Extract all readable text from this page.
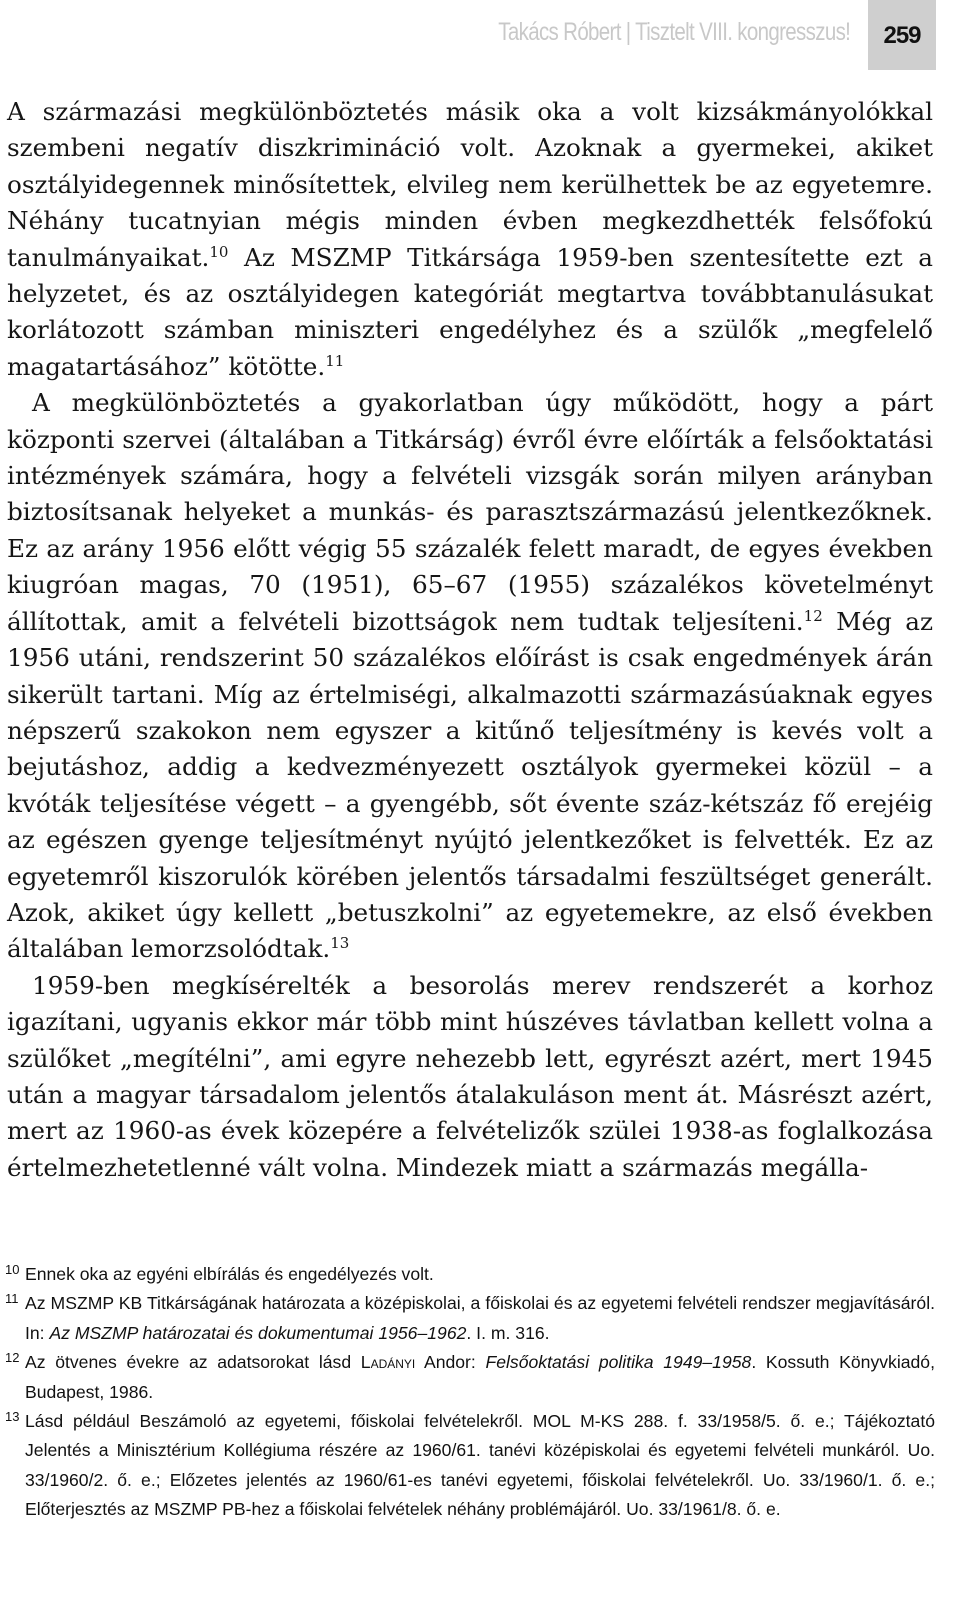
Takács Róbert | Tisztelt VIII. kongresszus!	259

A származási megkülönböztetés másik oka a volt kizsákmányolókkal szembeni negatív diszkrimináció volt. Azoknak a gyermekei, akiket osztályidegennek minősítettek, elvileg nem kerülhettek be az egyetemre. Néhány tucatnyian mégis minden évben megkezdhették felsőfokú tanulmányaikat.$^{10}$ Az MSZMP Titkársága 1959-ben szentesítette ezt a helyzetet, és az osztályidegen kategóriát megtartva továbbtanulásukat korlátozott számban miniszteri engedélyhez és a szülők „megfelelő magatartásához” kötötte.$^{11}$

A megkülönböztetés a gyakorlatban úgy működött, hogy a párt központi szervei (általában a Titkárság) évről évre előírták a felsőoktatási intézmények számára, hogy a felvételi vizsgák során milyen arányban biztosítsanak helyeket a munkás- és parasztszármazású jelentkezőknek. Ez az arány 1956 előtt végig 55 százalék felett maradt, de egyes években kiugróan magas, 70 (1951), 65–67 (1955) százalékos követelményt állítottak, amit a felvételi bizottságok nem tudtak teljesíteni.$^{12}$ Még az 1956 utáni, rendszerint 50 százalékos előírást is csak engedmények árán sikerült tartani. Míg az értelmiségi, alkalmazotti származásúaknak egyes népszerű szakokon nem egyszer a kitűnő teljesítmény is kevés volt a bejutáshoz, addig a kedvezményezett osztályok gyermekei közül – a kvóták teljesítése végett – a gyengébb, sőt évente száz-kétszáz fő erejéig az egészen gyenge teljesítményt nyújtó jelentkezőket is felvették. Ez az egyetemről kiszorulók körében jelentős társadalmi feszültséget generált. Azok, akiket úgy kellett „betuszkolni” az egyetemekre, az első években általában lemorzsolódtak.$^{13}$

1959-ben megkísérelték a besorolás merev rendszerét a korhoz igazítani, ugyanis ekkor már több mint húszéves távlatban kellett volna a szülőket „megítélni”, ami egyre nehezebb lett, egyrészt azért, mert 1945 után a magyar társadalom jelentős átalakuláson ment át. Másrészt azért, mert az 1960-as évek közepére a felvételizők szülei 1938-as foglalkozása értelmezhetetlenné vált volna. Mindezek miatt a származás megálla-

10 Ennek oka az egyéni elbírálás és engedélyezés volt.
11 Az MSZMP KB Titkárságának határozata a középiskolai, a főiskolai és az egyetemi felvételi rendszer megjavításáról. In: Az MSZMP határozatai és dokumentumai 1956–1962. I. m. 316.
12 Az ötvenes évekre az adatsorokat lásd Ladányi Andor: Felsőoktatási politika 1949–1958. Kossuth Könyvkiadó, Budapest, 1986.
13 Lásd például Beszámoló az egyetemi, főiskolai felvételekről. MOL M-KS 288. f. 33/1958/5. ő. e.; Tájékoztató Jelentés a Minisztérium Kollégiuma részére az 1960/61. tanévi középiskolai és egyetemi felvételi munkáról. Uo. 33/1960/2. ő. e.; Előzetes jelentés az 1960/61-es tanévi egyetemi, főiskolai felvételekről. Uo. 33/1960/1. ő. e.; Előterjesztés az MSZMP PB-hez a főiskolai felvételek néhány problémájáról. Uo. 33/1961/8. ő. e.
